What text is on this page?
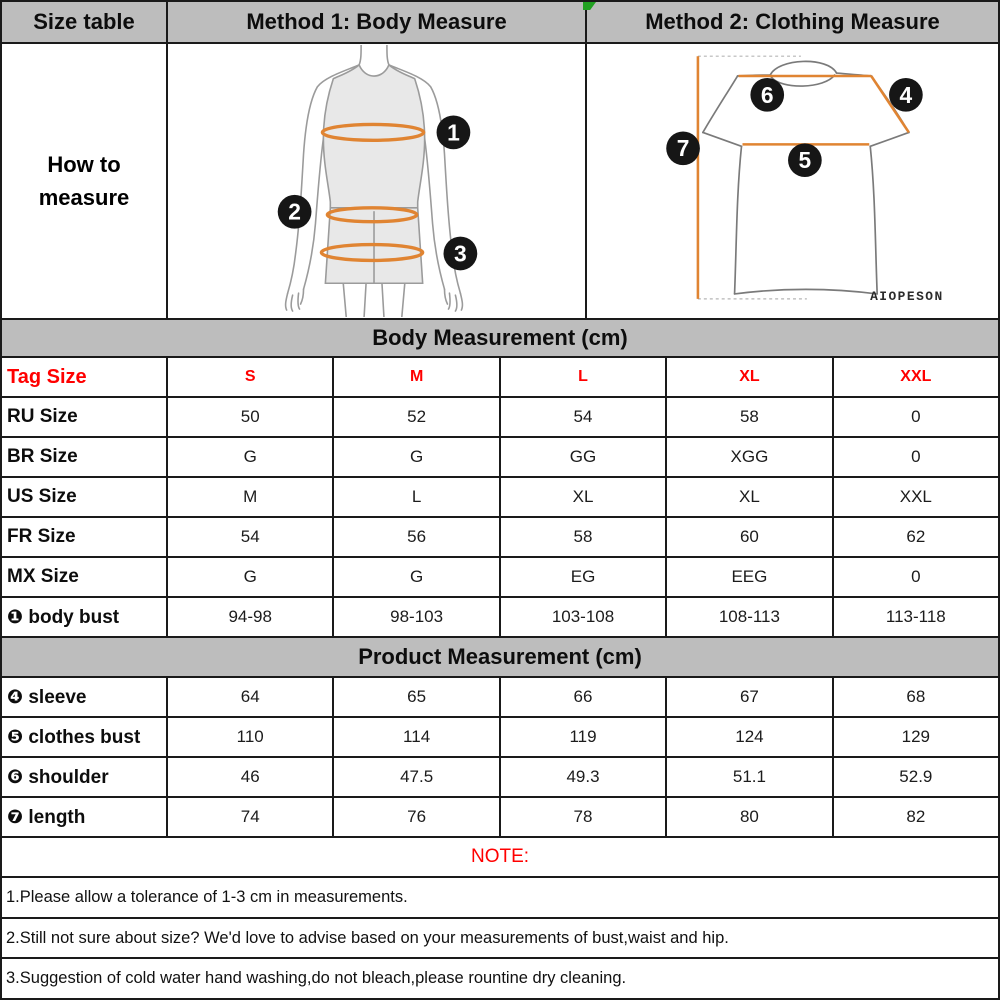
Size table	Method 1: Body Measure	Method 2: Clothing Measure
How to measure
1
2
3
6	4
7	5
AIOPESON
Body Measurement (cm)
Tag Size	S	M	L	XL	XXL
RU Size	50	52	54	58	0
BR Size	G	G	GG	XGG	0
US Size	M	L	XL	XL	XXL
FR Size	54	56	58	60	62
MX Size	G	G	EG	EEG	0
❶ body bust	94-98	98-103	103-108	108-113	113-118
Product Measurement (cm)
❹ sleeve	64	65	66	67	68
❺ clothes bust	110	114	119	124	129
❻ shoulder	46	47.5	49.3	51.1	52.9
❼ length	74	76	78	80	82
NOTE:
1.Please allow a tolerance of 1-3 cm in measurements.
2.Still not sure about size? We'd love to advise based on your measurements of bust,waist and hip.
3.Suggestion of cold water hand washing,do not bleach,please rountine dry cleaning.
